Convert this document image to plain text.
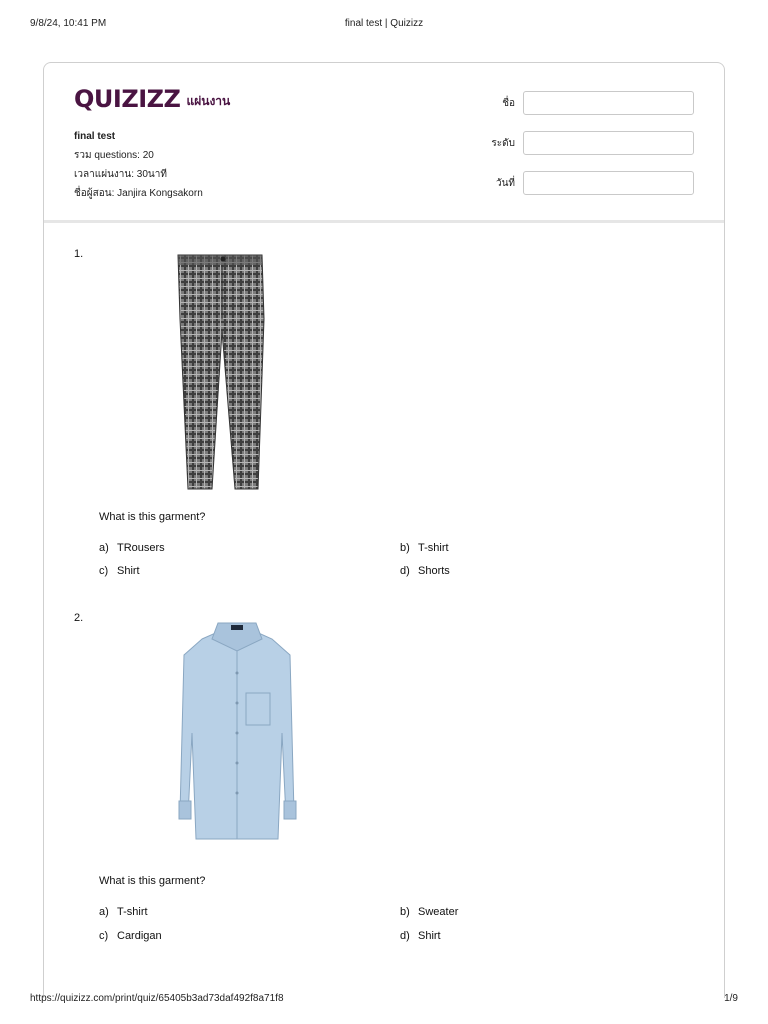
9/8/24, 10:41 PM	final test | Quizizz
QUIZIZZ แผ่นงาน
final test
รวม questions: 20
เวลาแผ่นงาน: 30นาที
ชื่อผู้สอน: Janjira Kongsakorn
ชื่อ
ระดับ
วันที่
1.
What is this garment?
a) TRousers	b) T-shirt
c) Shirt	d) Shorts
2.
What is this garment?
a) T-shirt	b) Sweater
c) Cardigan	d) Shirt
https://quizizz.com/print/quiz/65405b3ad73daf492f8a71f8	1/9
